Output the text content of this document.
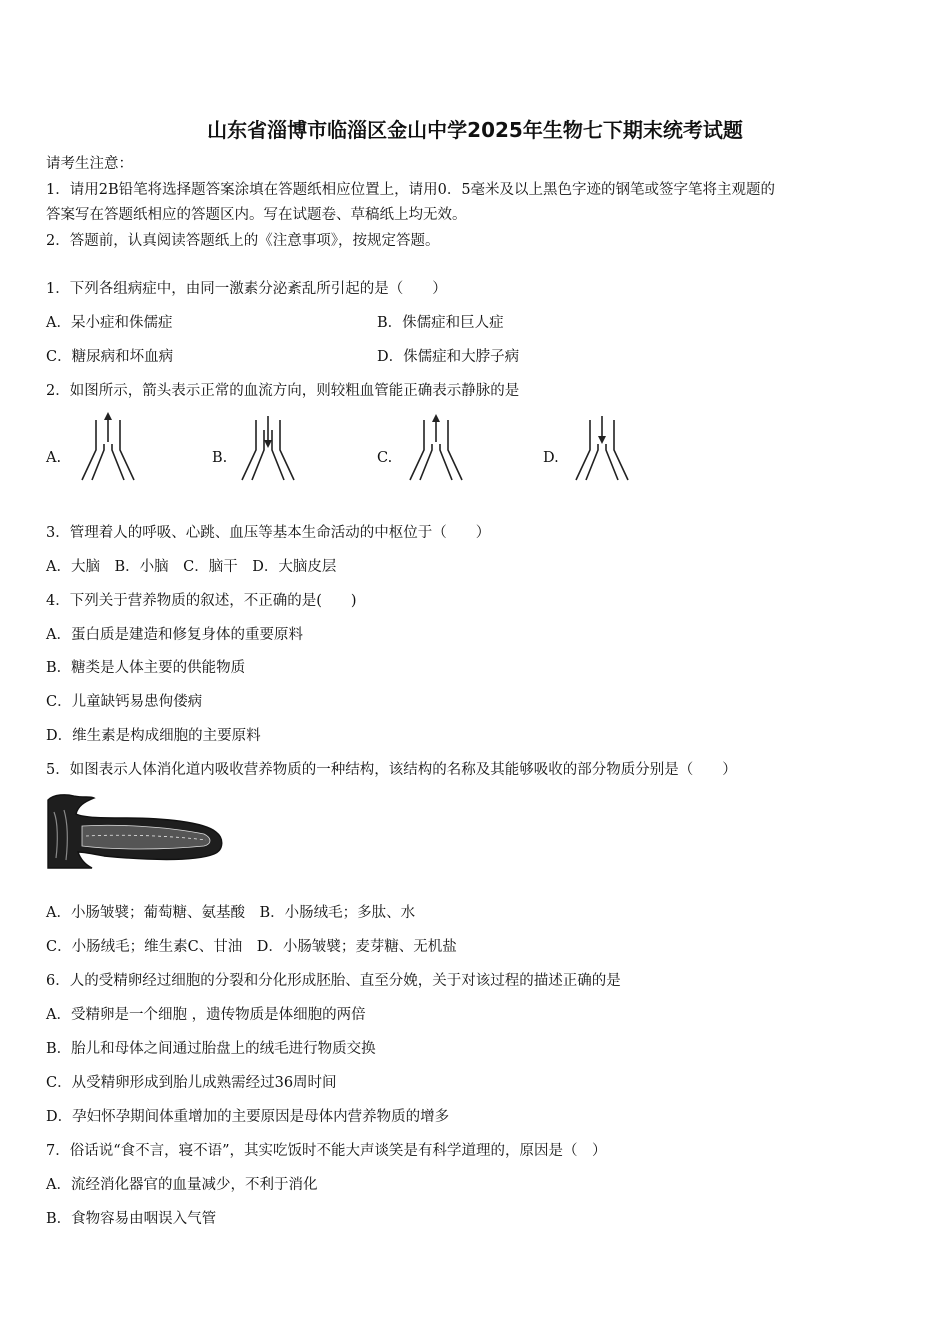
山东省淄博市临淄区金山中学2025年生物七下期末统考试题
请考生注意：
1．请用2B铅笔将选择题答案涂填在答题纸相应位置上，请用0．5毫米及以上黑色字迹的钢笔或签字笔将主观题的
答案写在答题纸相应的答题区内。写在试题卷、草稿纸上均无效。
2．答题前，认真阅读答题纸上的《注意事项》，按规定答题。
1．下列各组病症中，由同一激素分泌紊乱所引起的是（　　）
A．呆小症和侏儒症	B．侏儒症和巨人症
C．糖尿病和坏血病	D．侏儒症和大脖子病
2．如图所示，箭头表示正常的血流方向，则较粗血管能正确表示静脉的是
A.	B.	C.	D.
3．管理着人的呼吸、心跳、血压等基本生命活动的中枢位于（　　）
A．大脑　B．小脑　C．脑干　D．大脑皮层
4．下列关于营养物质的叙述，不正确的是(　　)
A．蛋白质是建造和修复身体的重要原料
B．糖类是人体主要的供能物质
C．儿童缺钙易患佝偻病
D．维生素是构成细胞的主要原料
5．如图表示人体消化道内吸收营养物质的一种结构，该结构的名称及其能够吸收的部分物质分别是（　　）
A．小肠皱襞；葡萄糖、氨基酸　B．小肠绒毛；多肽、水
C．小肠绒毛；维生素C、甘油　D．小肠皱襞；麦芽糖、无机盐
6．人的受精卵经过细胞的分裂和分化形成胚胎、直至分娩，关于对该过程的描述正确的是
A．受精卵是一个细胞 ，遗传物质是体细胞的两倍
B．胎儿和母体之间通过胎盘上的绒毛进行物质交换
C．从受精卵形成到胎儿成熟需经过36周时间
D．孕妇怀孕期间体重增加的主要原因是母体内营养物质的增多
7．俗话说“食不言，寝不语”，其实吃饭时不能大声谈笑是有科学道理的，原因是（　）
A．流经消化器官的血量减少，不利于消化
B．食物容易由咽误入气管
